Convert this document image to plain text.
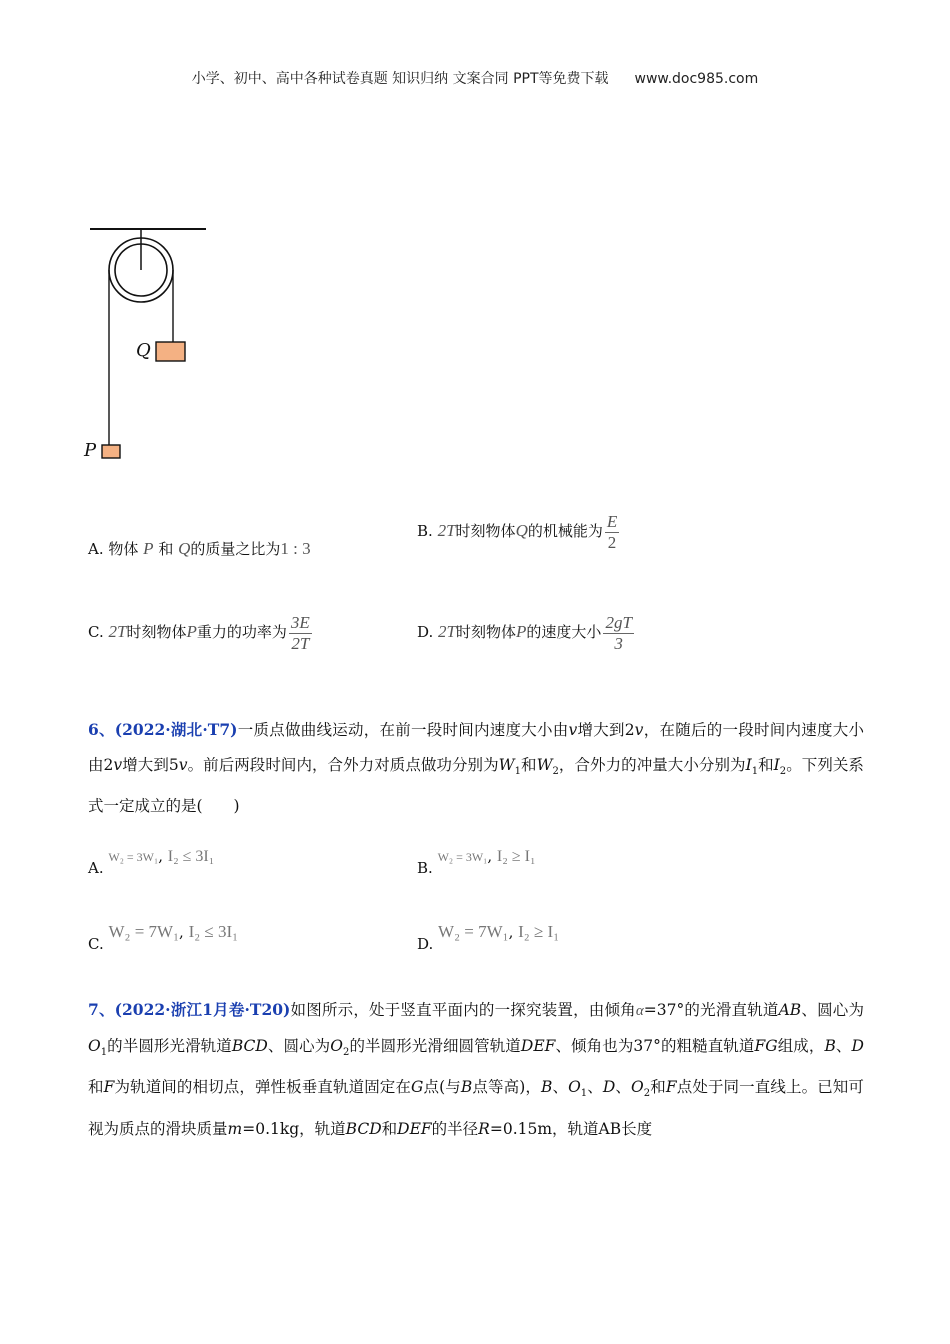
小学、初中、高中各种试卷真题 知识归纳 文案合同 PPT等免费下载 www.doc985.com
Q
P
A. 物体 P 和 Q的质量之比为1 : 3
B. 2T时刻物体Q的机械能为 $\frac{E}{2}$
C. 2T时刻物体P重力的功率为 $\frac{3E}{2T}$	D. 2T时刻物体P的速度大小 $\frac{2gT}{3}$
6、(2022·湖北·T7)一质点做曲线运动，在前一段时间内速度大小由v增大到2v，在随后的一段时间内速度大小由2v增大到5v。前后两段时间内，合外力对质点做功分别为$W_1$和$W_2$，合外力的冲量大小分别为$I_1$和$I_2$。下列关系式一定成立的是(　　)
A. W₂ = 3W₁, I₂ ≤ 3I₁
B. W₂ = 3W₁, I₂ ≥ I₁
C. W₂ = 7W₁, I₂ ≤ 3I₁
D. W₂ = 7W₁, I₂ ≥ I₁
7、(2022·浙江1月卷·T20)如图所示，处于竖直平面内的一探究装置，由倾角α=37°的光滑直轨道AB、圆心为$O_1$的半圆形光滑轨道BCD、圆心为$O_2$的半圆形光滑细圆管轨道DEF、倾角也为37°的粗糙直轨道FG组成，B、D和F为轨道间的相切点，弹性板垂直轨道固定在G点(与B点等高)，B、$O_1$、D、$O_2$和F点处于同一直线上。已知可视为质点的滑块质量m=0.1kg，轨道BCD和DEF的半径R=0.15m，轨道AB长度
